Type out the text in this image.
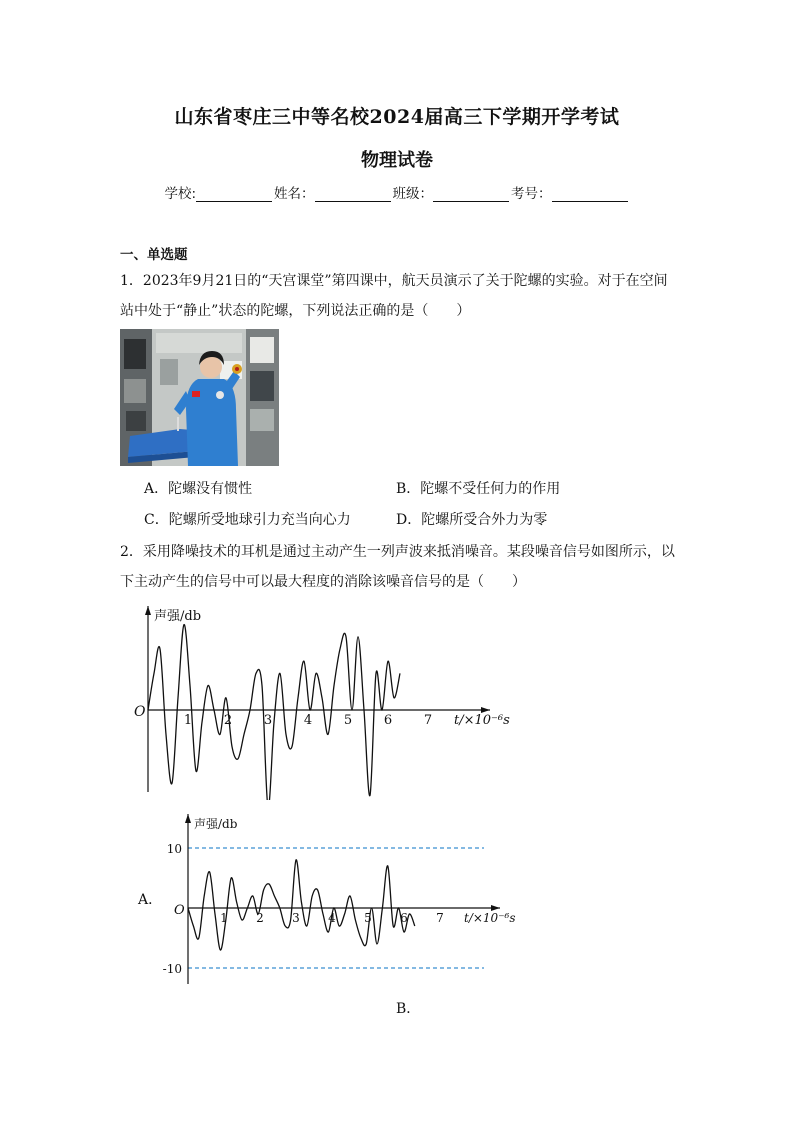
山东省枣庄三中等名校2024届高三下学期开学考试
物理试卷
学校:	姓名：	班级：	考号：
一、单选题
1．2023年9月21日的“天宫课堂”第四课中，航天员演示了关于陀螺的实验。对于在空间
站中处于“静止”状态的陀螺，下列说法正确的是（　　）
A．陀螺没有惯性	B．陀螺不受任何力的作用
C．陀螺所受地球引力充当向心力	D．陀螺所受合外力为零
2．采用降噪技术的耳机是通过主动产生一列声波来抵消噪音。某段噪音信号如图所示，以
下主动产生的信号中可以最大程度的消除该噪音信号的是（　　）
声强/db
t/×10⁻⁶s
O
1 2 3 4 5 6 7
A．
声强/db
t/×10⁻⁶s
O
10
-10
1 2 3 4 5 6 7
B．
